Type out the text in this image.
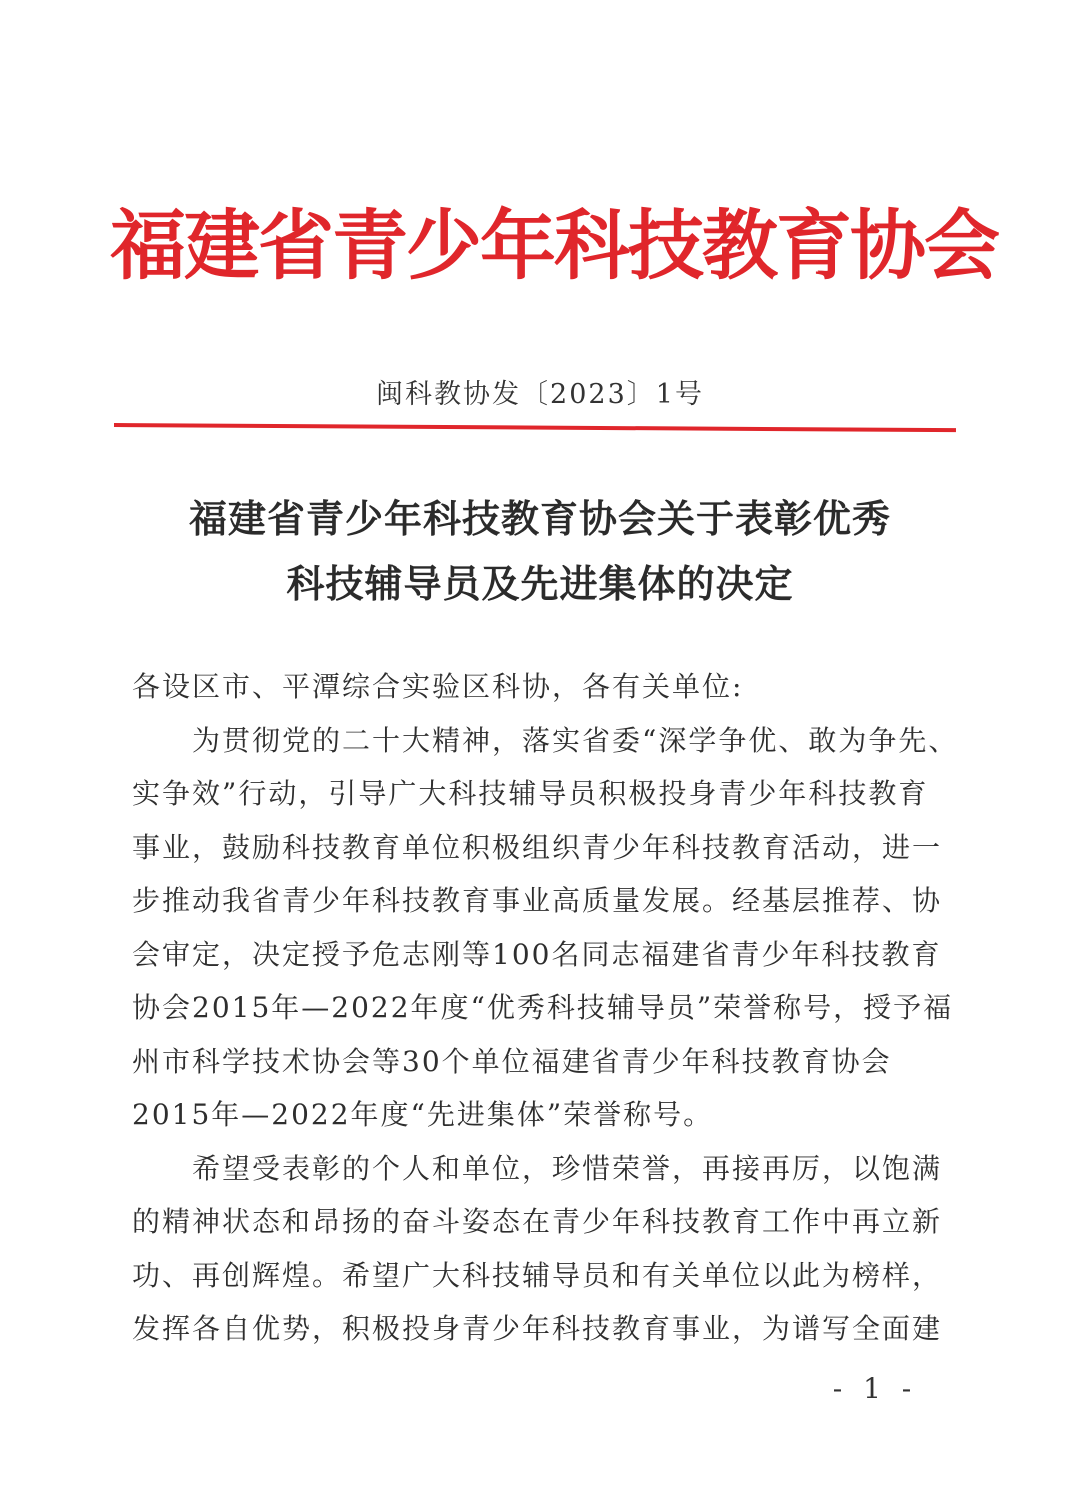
福建省青少年科技教育协会
闽科教协发〔2023〕1号
福建省青少年科技教育协会关于表彰优秀
科技辅导员及先进集体的决定
各设区市、平潭综合实验区科协，各有关单位:
　　为贯彻党的二十大精神，落实省委“深学争优、敢为争先、
实争效”行动，引导广大科技辅导员积极投身青少年科技教育
事业，鼓励科技教育单位积极组织青少年科技教育活动，进一
步推动我省青少年科技教育事业高质量发展。经基层推荐、协
会审定，决定授予危志刚等100名同志福建省青少年科技教育
协会2015年—2022年度“优秀科技辅导员”荣誉称号，授予福
州市科学技术协会等30个单位福建省青少年科技教育协会
2015年—2022年度“先进集体”荣誉称号。
　　希望受表彰的个人和单位，珍惜荣誉，再接再厉，以饱满
的精神状态和昂扬的奋斗姿态在青少年科技教育工作中再立新
功、再创辉煌。希望广大科技辅导员和有关单位以此为榜样，
发挥各自优势，积极投身青少年科技教育事业，为谱写全面建
- 1 -
